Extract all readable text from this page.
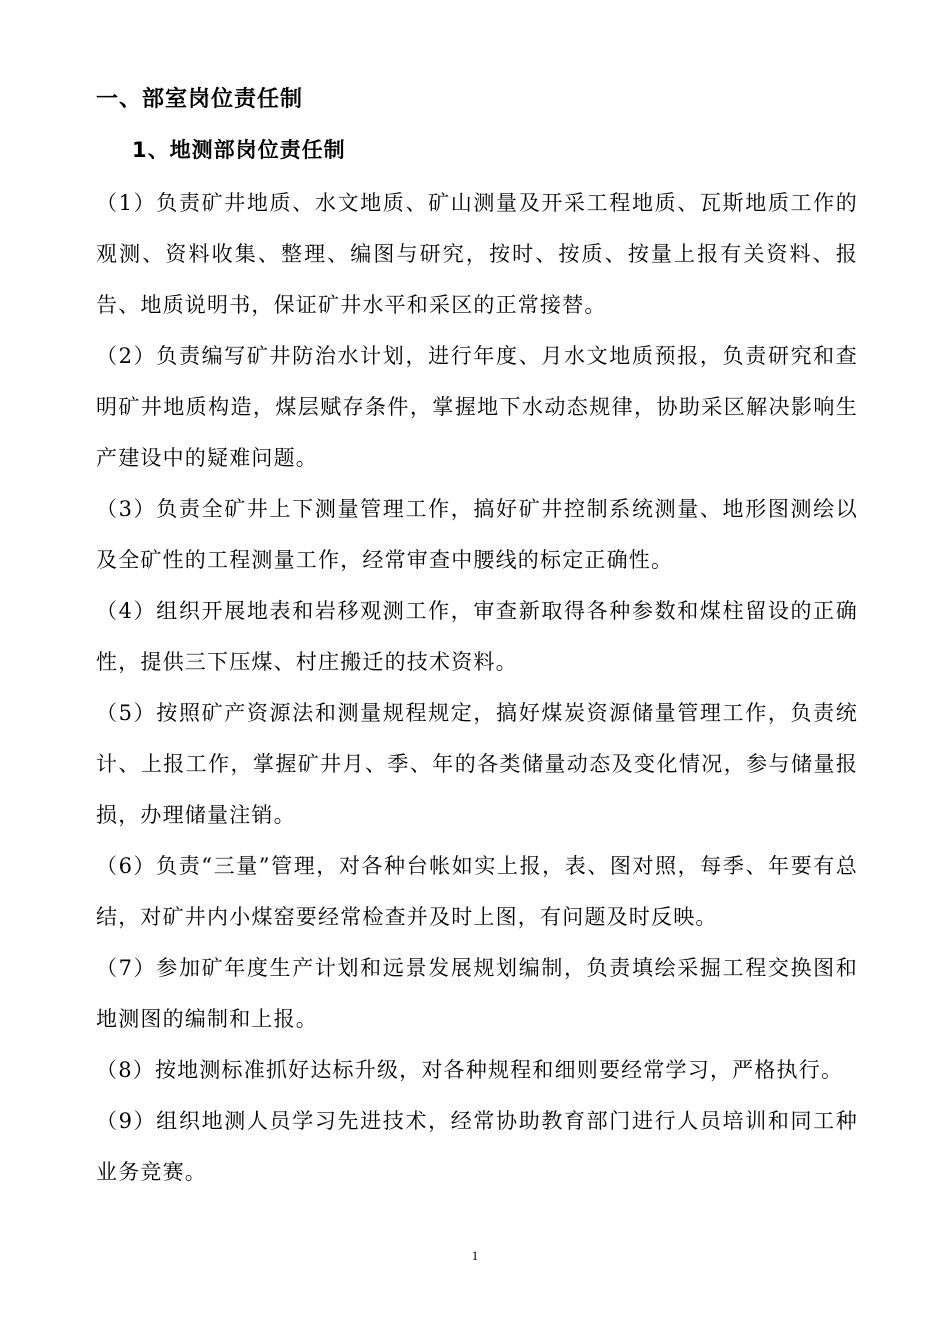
一、部室岗位责任制
1、地测部岗位责任制

（1）负责矿井地质、水文地质、矿山测量及开采工程地质、瓦斯地质工作的观测、资料收集、整理、编图与研究，按时、按质、按量上报有关资料、报告、地质说明书，保证矿井水平和采区的正常接替。

（2）负责编写矿井防治水计划，进行年度、月水文地质预报，负责研究和查明矿井地质构造，煤层赋存条件，掌握地下水动态规律，协助采区解决影响生产建设中的疑难问题。

（3）负责全矿井上下测量管理工作，搞好矿井控制系统测量、地形图测绘以及全矿性的工程测量工作，经常审查中腰线的标定正确性。

（4）组织开展地表和岩移观测工作，审查新取得各种参数和煤柱留设的正确性，提供三下压煤、村庄搬迁的技术资料。

（5）按照矿产资源法和测量规程规定，搞好煤炭资源储量管理工作，负责统计、上报工作，掌握矿井月、季、年的各类储量动态及变化情况，参与储量报损，办理储量注销。

（6）负责“三量”管理，对各种台帐如实上报，表、图对照，每季、年要有总结，对矿井内小煤窑要经常检查并及时上图，有问题及时反映。

（7）参加矿年度生产计划和远景发展规划编制，负责填绘采掘工程交换图和地测图的编制和上报。

（8）按地测标准抓好达标升级，对各种规程和细则要经常学习，严格执行。

（9）组织地测人员学习先进技术，经常协助教育部门进行人员培训和同工种业务竞赛。

1
